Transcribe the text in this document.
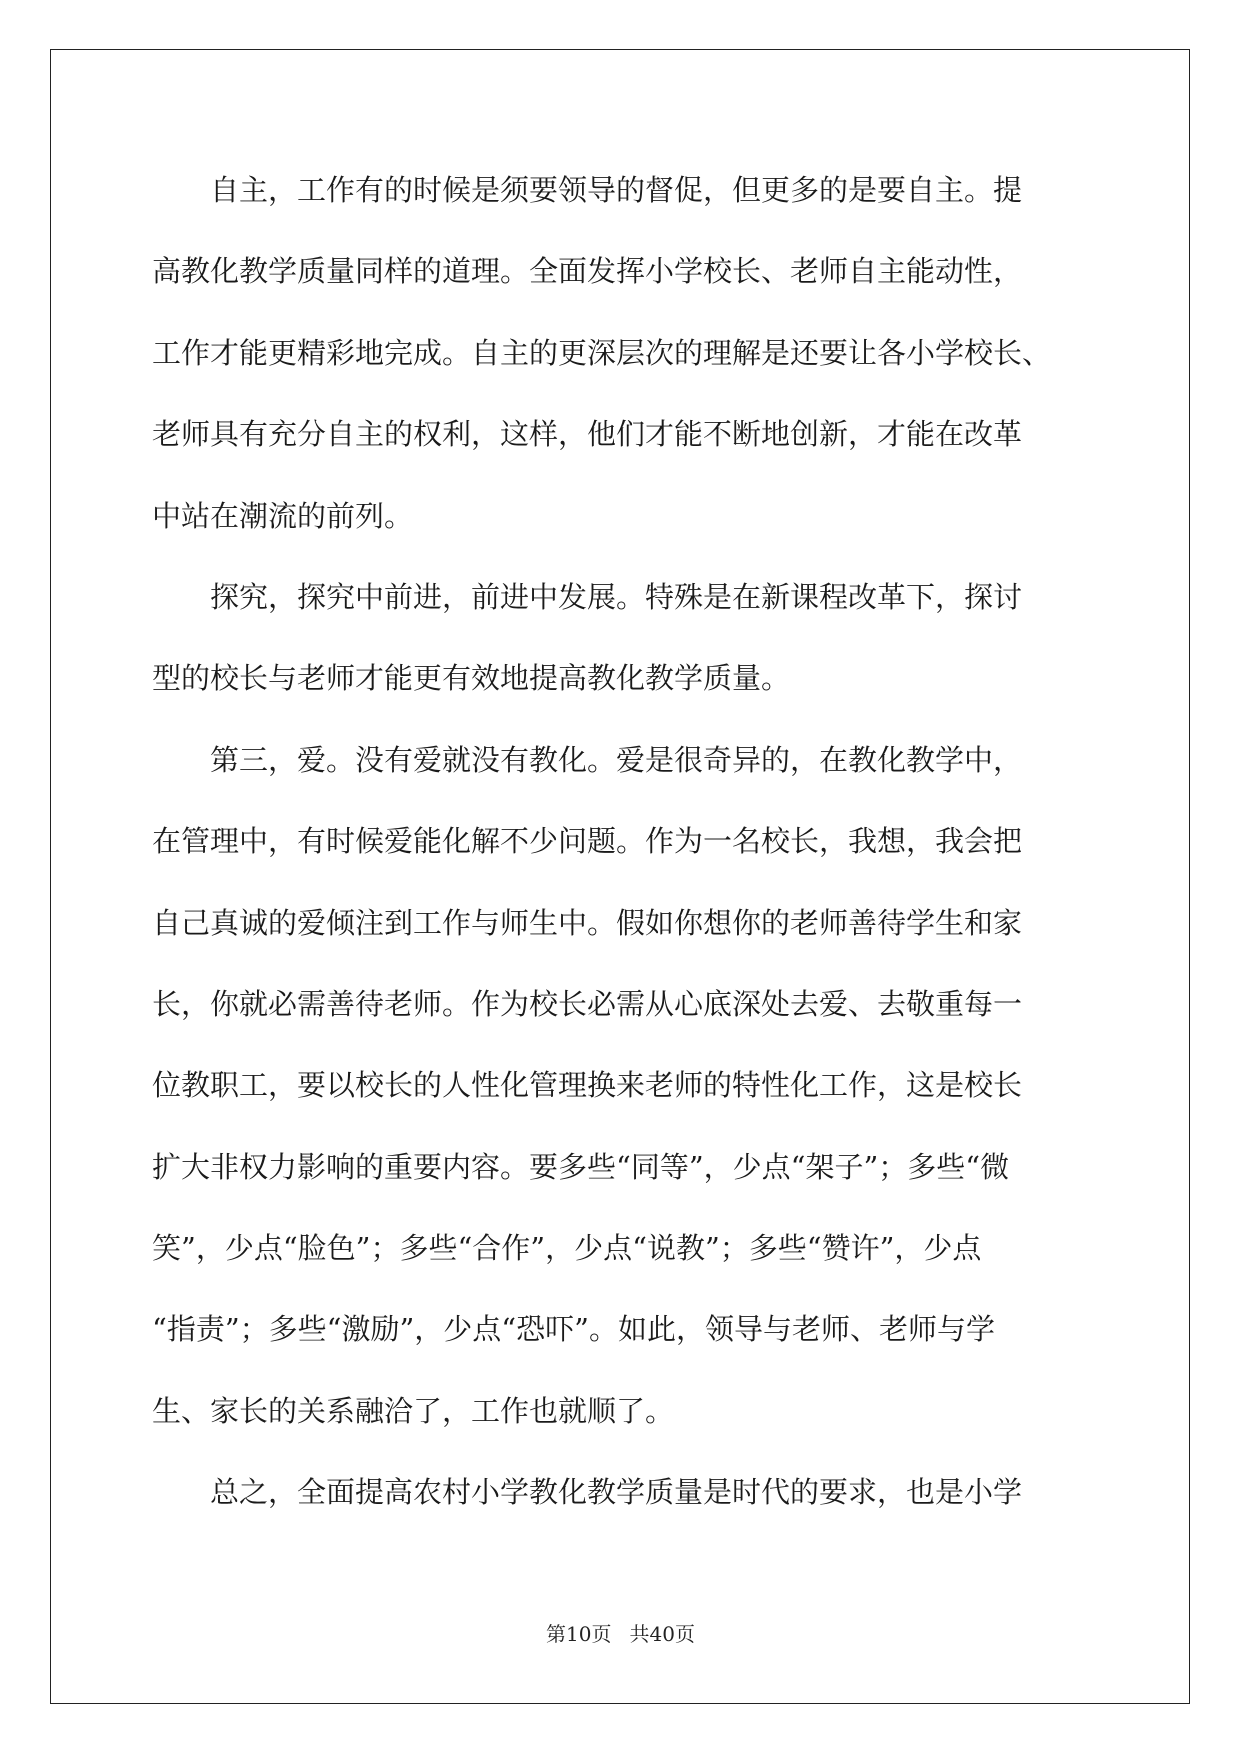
　　自主，工作有的时候是须要领导的督促，但更多的是要自主。提
高教化教学质量同样的道理。全面发挥小学校长、老师自主能动性，
工作才能更精彩地完成。自主的更深层次的理解是还要让各小学校长、
老师具有充分自主的权利，这样，他们才能不断地创新，才能在改革
中站在潮流的前列。
　　探究，探究中前进，前进中发展。特殊是在新课程改革下，探讨
型的校长与老师才能更有效地提高教化教学质量。
　　第三，爱。没有爱就没有教化。爱是很奇异的，在教化教学中，
在管理中，有时候爱能化解不少问题。作为一名校长，我想，我会把
自己真诚的爱倾注到工作与师生中。假如你想你的老师善待学生和家
长，你就必需善待老师。作为校长必需从心底深处去爱、去敬重每一
位教职工，要以校长的人性化管理换来老师的特性化工作，这是校长
扩大非权力影响的重要内容。要多些“同等”，少点“架子”；多些“微
笑”，少点“脸色”；多些“合作”，少点“说教”；多些“赞许”，少点
“指责”；多些“激励”，少点“恐吓”。如此，领导与老师、老师与学
生、家长的关系融洽了，工作也就顺了。
　　总之，全面提高农村小学教化教学质量是时代的要求，也是小学
第10页 共40页
